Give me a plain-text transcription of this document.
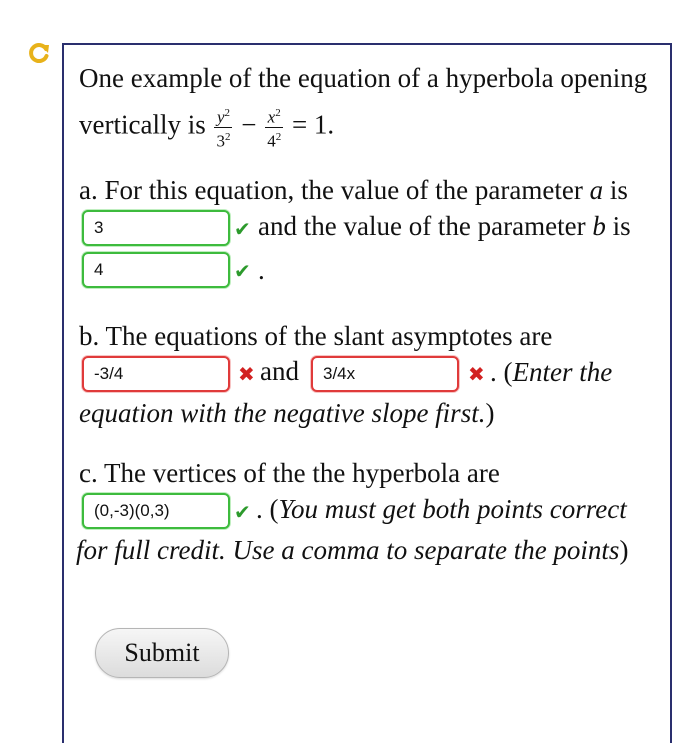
One example of the equation of a hyperbola opening
vertically is $\frac{y^2}{3^2} - \frac{x^2}{4^2} = 1$.
a. For this equation, the value of the parameter a is
3	✔ and the value of the parameter b is
4	✔ .
b. The equations of the slant asymptotes are
-3/4	✖ and	3/4x	✖ . (Enter the
equation with the negative slope first.)
c. The vertices of the the hyperbola are
(0,-3)(0,3)	✔ . (You must get both points correct
for full credit. Use a comma to separate the points)
Submit
